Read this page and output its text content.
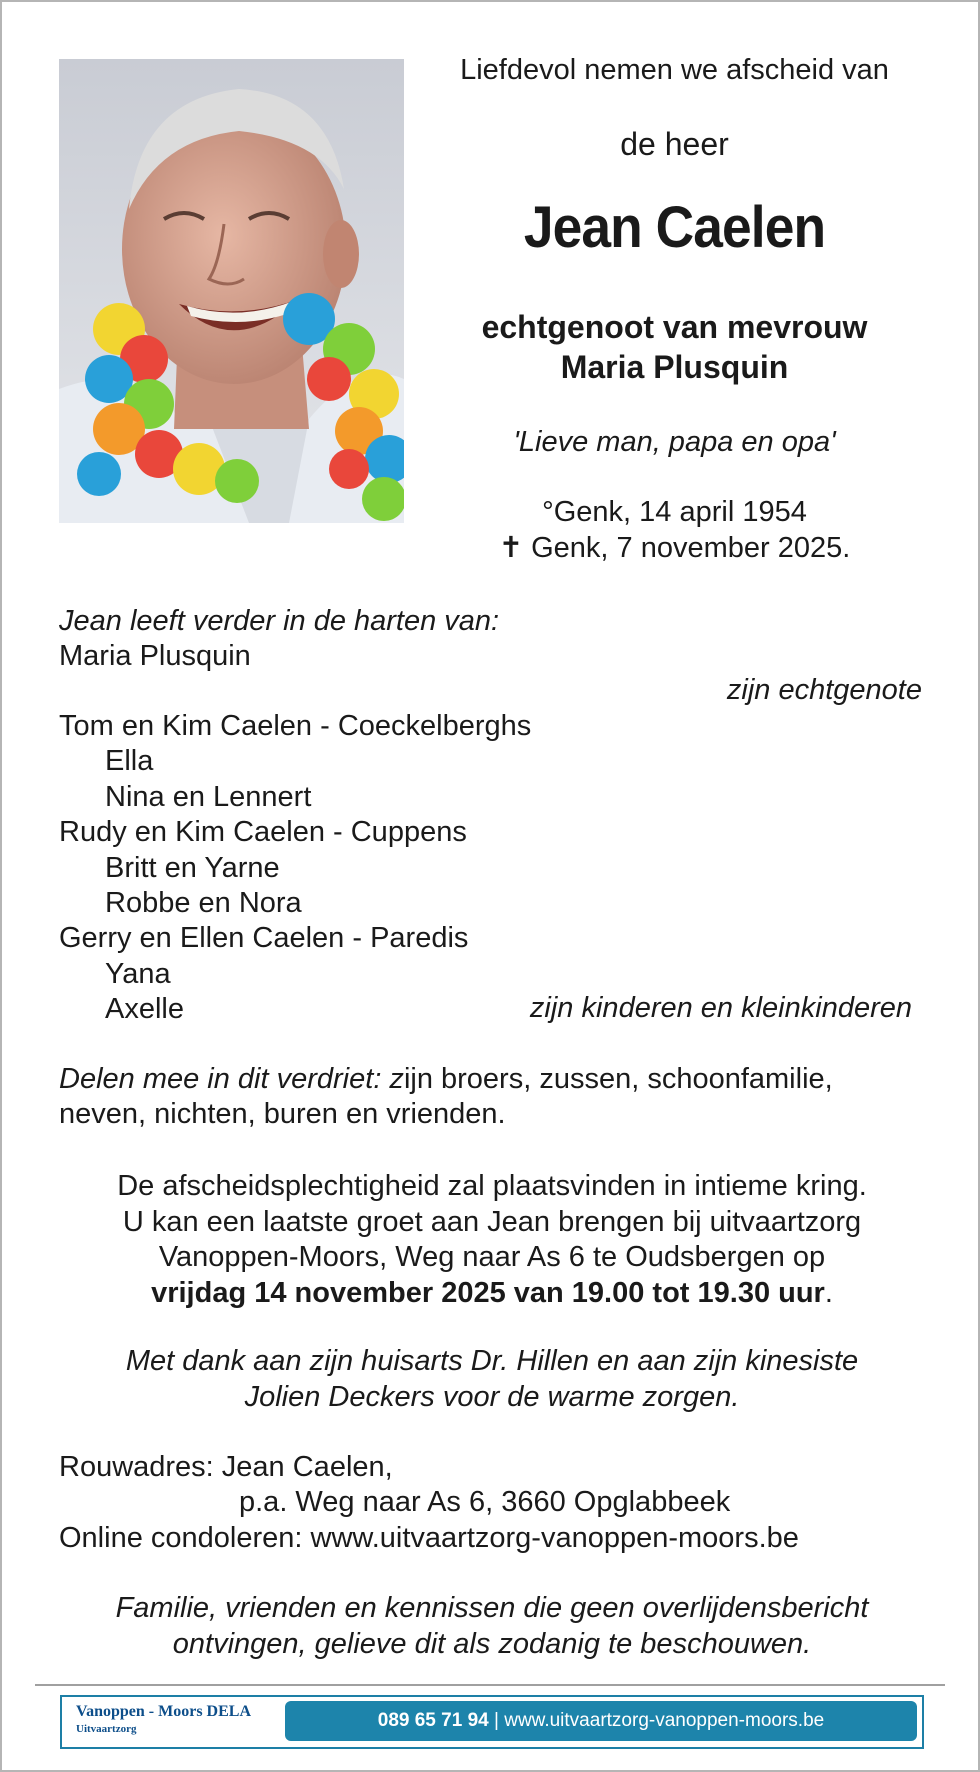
Liefdevol nemen we afscheid van
de heer
Jean Caelen
echtgenoot van mevrouw
Maria Plusquin
'Lieve man, papa en opa'
°Genk, 14 april 1954
✝ Genk, 7 november 2025.
Jean leeft verder in de harten van:
Maria Plusquin
zijn echtgenote
Tom en Kim Caelen - Coeckelberghs
Ella
Nina en Lennert
Rudy en Kim Caelen - Cuppens
Britt en Yarne
Robbe en Nora
Gerry en Ellen Caelen - Paredis
Yana
Axelle	zijn kinderen en kleinkinderen
Delen mee in dit verdriet: zijn broers, zussen, schoonfamilie,
neven, nichten, buren en vrienden.
De afscheidsplechtigheid zal plaatsvinden in intieme kring.
U kan een laatste groet aan Jean brengen bij uitvaartzorg
Vanoppen-Moors, Weg naar As 6 te Oudsbergen op
vrijdag 14 november 2025 van 19.00 tot 19.30 uur.
Met dank aan zijn huisarts Dr. Hillen en aan zijn kinesiste
Jolien Deckers voor de warme zorgen.
Rouwadres: Jean Caelen,
p.a. Weg naar As 6, 3660 Opglabbeek
Online condoleren: www.uitvaartzorg-vanoppen-moors.be
Familie, vrienden en kennissen die geen overlijdensbericht
ontvingen, gelieve dit als zodanig te beschouwen.
Vanoppen - Moors DELA
Uitvaartzorg	089 65 71 94 | www.uitvaartzorg-vanoppen-moors.be
